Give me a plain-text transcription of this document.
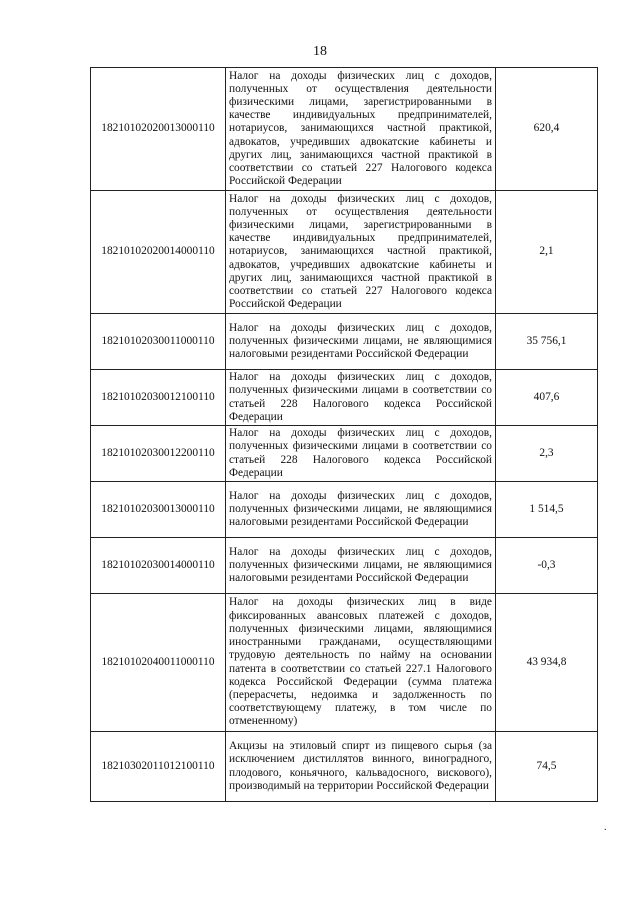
18
18210102020013000110	Налог на доходы физических лиц с доходов, полученных от осуществления деятельности физическими лицами, зарегистрированными в качестве индивидуальных предпринимателей, нотариусов, занимающихся частной практикой, адвокатов, учредивших адвокатские кабинеты и других лиц, занимающихся частной практикой в соответствии со статьей 227 Налогового кодекса Российской Федерации	620,4
18210102020014000110	Налог на доходы физических лиц с доходов, полученных от осуществления деятельности физическими лицами, зарегистрированными в качестве индивидуальных предпринимателей, нотариусов, занимающихся частной практикой, адвокатов, учредивших адвокатские кабинеты и других лиц, занимающихся частной практикой в соответствии со статьей 227 Налогового кодекса Российской Федерации	2,1
18210102030011000110	Налог на доходы физических лиц с доходов, полученных физическими лицами, не являющимися налоговыми резидентами Российской Федерации	35 756,1
18210102030012100110	Налог на доходы физических лиц с доходов, полученных физическими лицами в соответствии со статьей 228 Налогового кодекса Российской Федерации	407,6
18210102030012200110	Налог на доходы физических лиц с доходов, полученных физическими лицами в соответствии со статьей 228 Налогового кодекса Российской Федерации	2,3
18210102030013000110	Налог на доходы физических лиц с доходов, полученных физическими лицами, не являющимися налоговыми резидентами Российской Федерации	1 514,5
18210102030014000110	Налог на доходы физических лиц с доходов, полученных физическими лицами, не являющимися налоговыми резидентами Российской Федерации	-0,3
18210102040011000110	Налог на доходы физических лиц в виде фиксированных авансовых платежей с доходов, полученных физическими лицами, являющимися иностранными гражданами, осуществляющими трудовую деятельность по найму на основании патента в соответствии со статьей 227.1 Налогового кодекса Российской Федерации (сумма платежа (перерасчеты, недоимка и задолженность по соответствующему платежу, в том числе по отмененному)	43 934,8
18210302011012100110	Акцизы на этиловый спирт из пищевого сырья (за исключением дистиллятов винного, виноградного, плодового, коньячного, кальвадосного, вискового), производимый на территории Российской Федерации	74,5
.
